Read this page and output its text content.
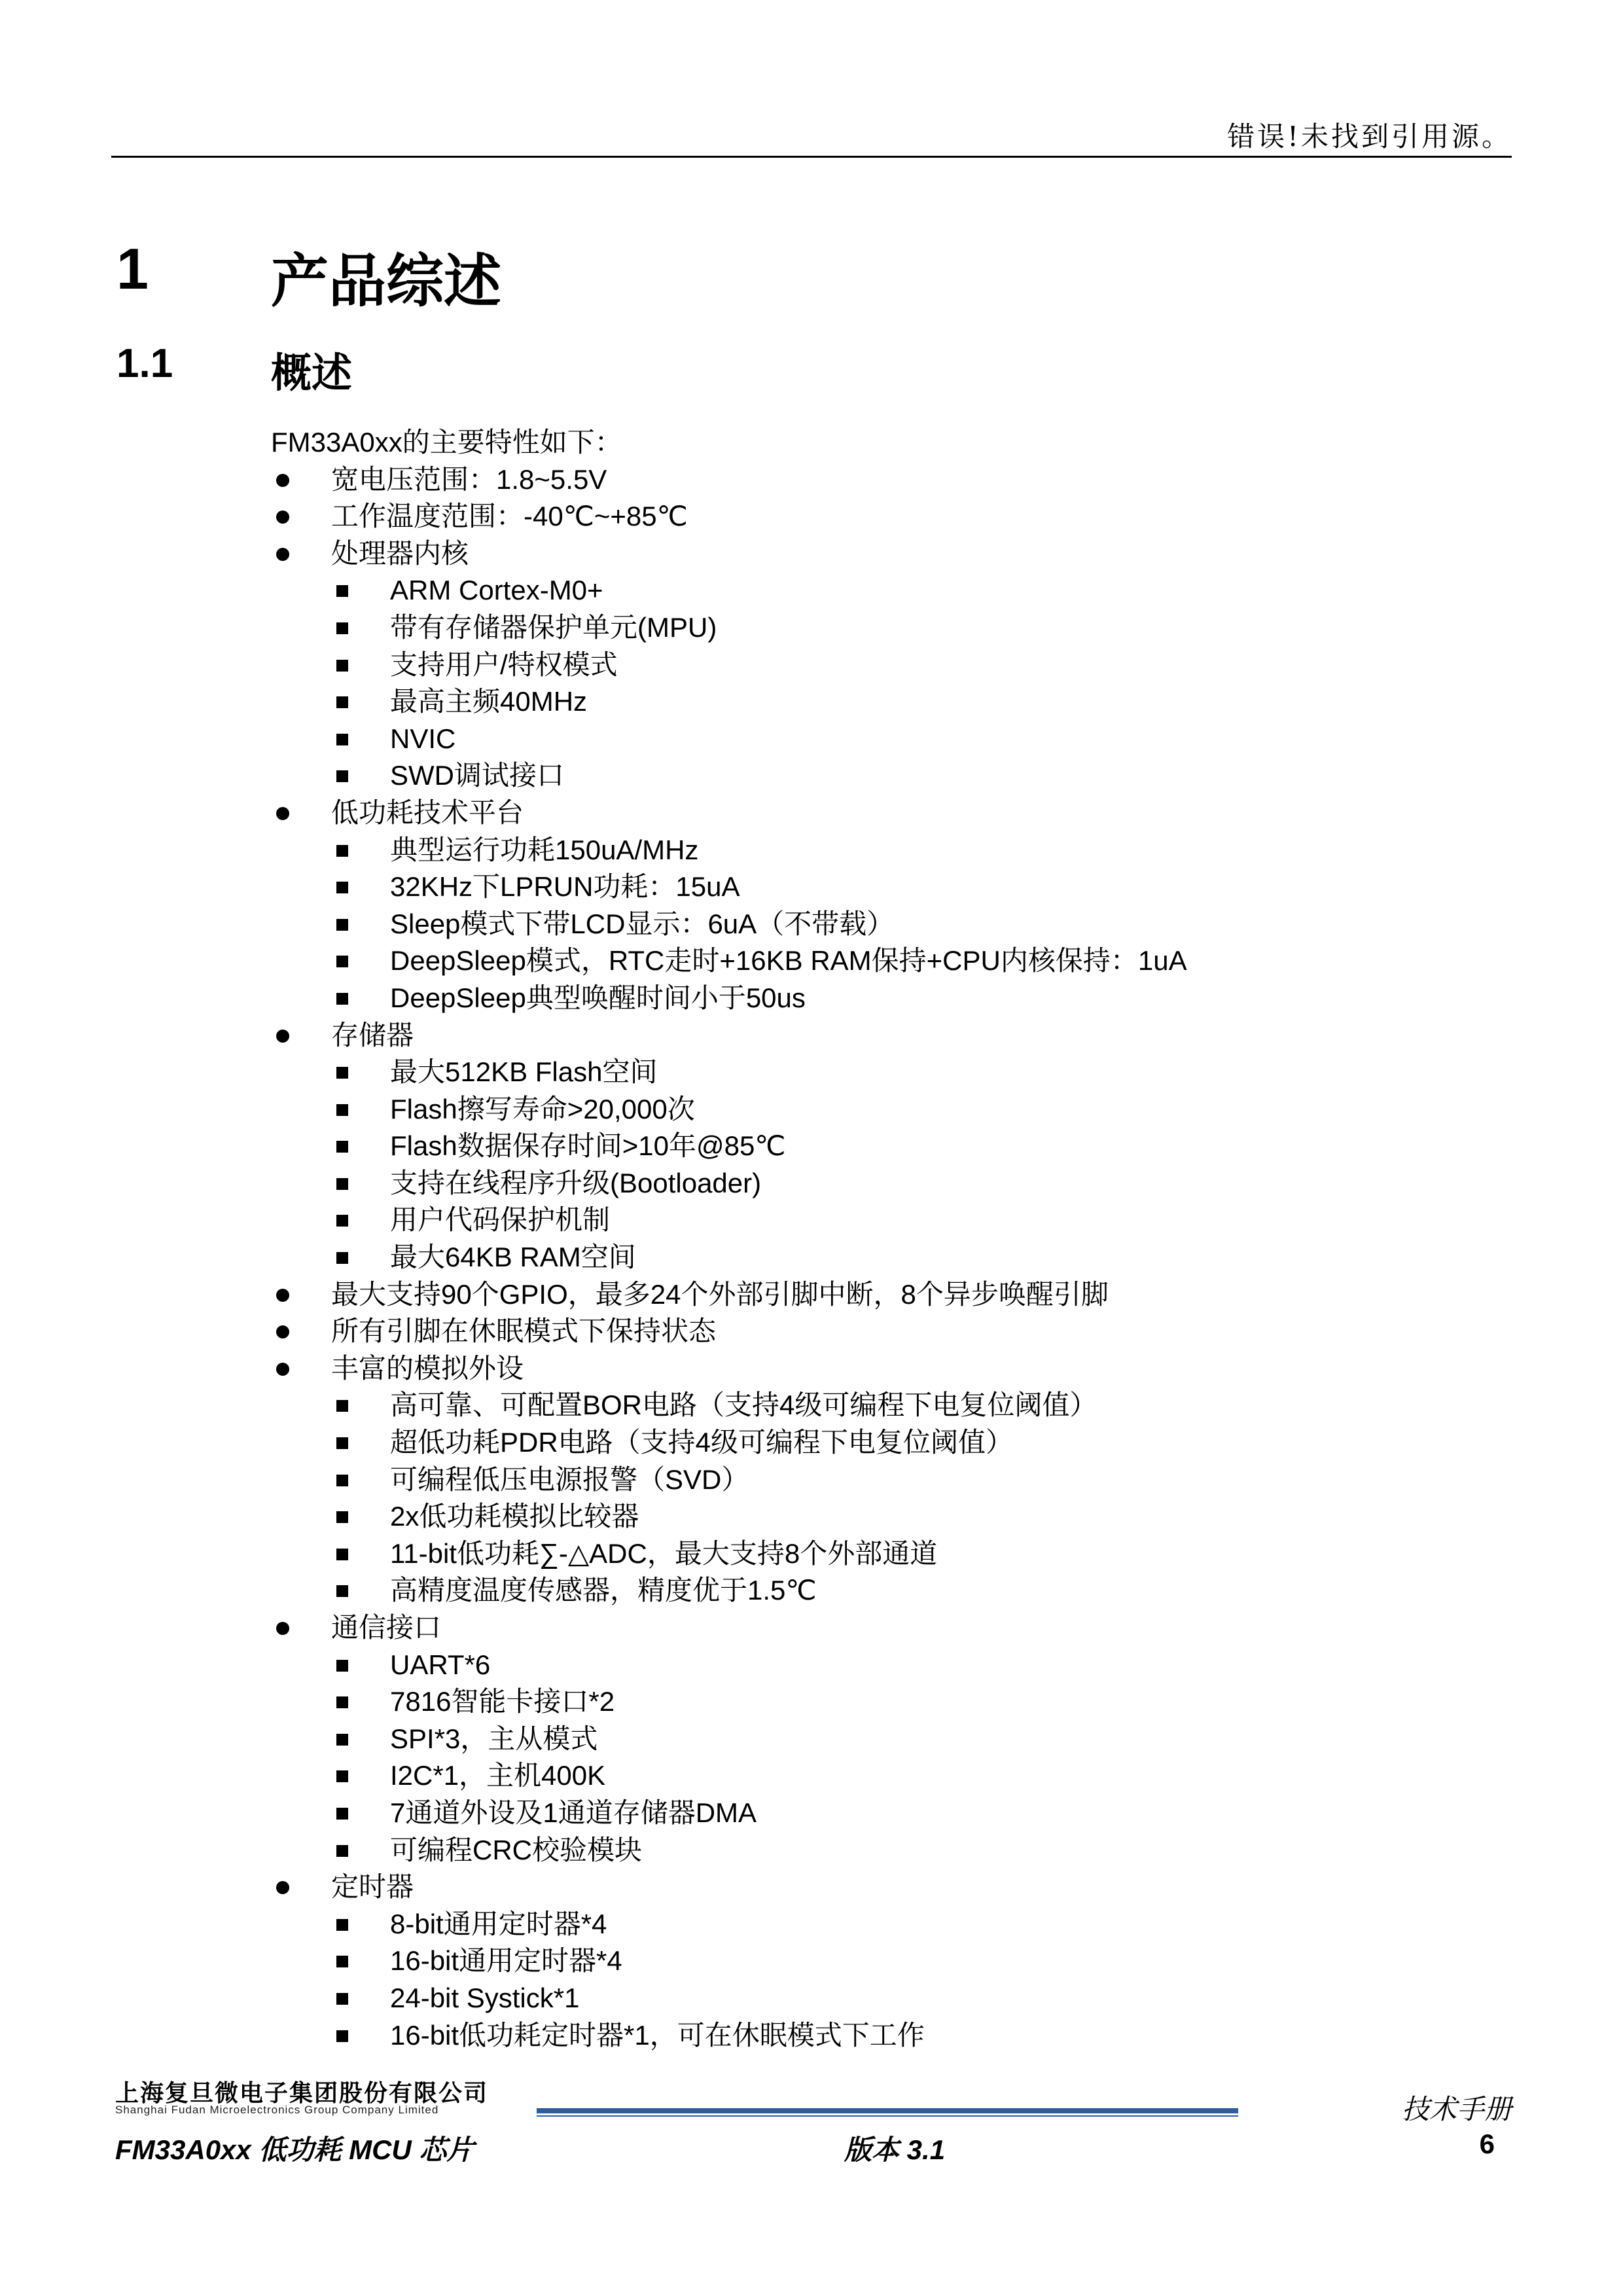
错误!未找到引用源。
1 产品综述
1.1 概述
FM33A0xx的主要特性如下：
宽电压范围：1.8~5.5V
工作温度范围：-40℃~+85℃
处理器内核
ARM Cortex-M0+
带有存储器保护单元(MPU)
支持用户/特权模式
最高主频40MHz
NVIC
SWD调试接口
低功耗技术平台
典型运行功耗150uA/MHz
32KHz下LPRUN功耗：15uA
Sleep模式下带LCD显示：6uA（不带载）
DeepSleep模式，RTC走时+16KB RAM保持+CPU内核保持：1uA
DeepSleep典型唤醒时间小于50us
存储器
最大512KB Flash空间
Flash擦写寿命>20,000次
Flash数据保存时间>10年@85℃
支持在线程序升级(Bootloader)
用户代码保护机制
最大64KB RAM空间
最大支持90个GPIO，最多24个外部引脚中断，8个异步唤醒引脚
所有引脚在休眠模式下保持状态
丰富的模拟外设
高可靠、可配置BOR电路（支持4级可编程下电复位阈值）
超低功耗PDR电路（支持4级可编程下电复位阈值）
可编程低压电源报警（SVD）
2x低功耗模拟比较器
11-bit低功耗∑-△ADC，最大支持8个外部通道
高精度温度传感器，精度优于1.5℃
通信接口
UART*6
7816智能卡接口*2
SPI*3，主从模式
I2C*1，主机400K
7通道外设及1通道存储器DMA
可编程CRC校验模块
定时器
8-bit通用定时器*4
16-bit通用定时器*4
24-bit Systick*1
16-bit低功耗定时器*1，可在休眠模式下工作
上海复旦微电子集团股份有限公司
Shanghai Fudan Microelectronics Group Company Limited	技术手册
FM33A0xx 低功耗 MCU 芯片	版本 3.1	6
